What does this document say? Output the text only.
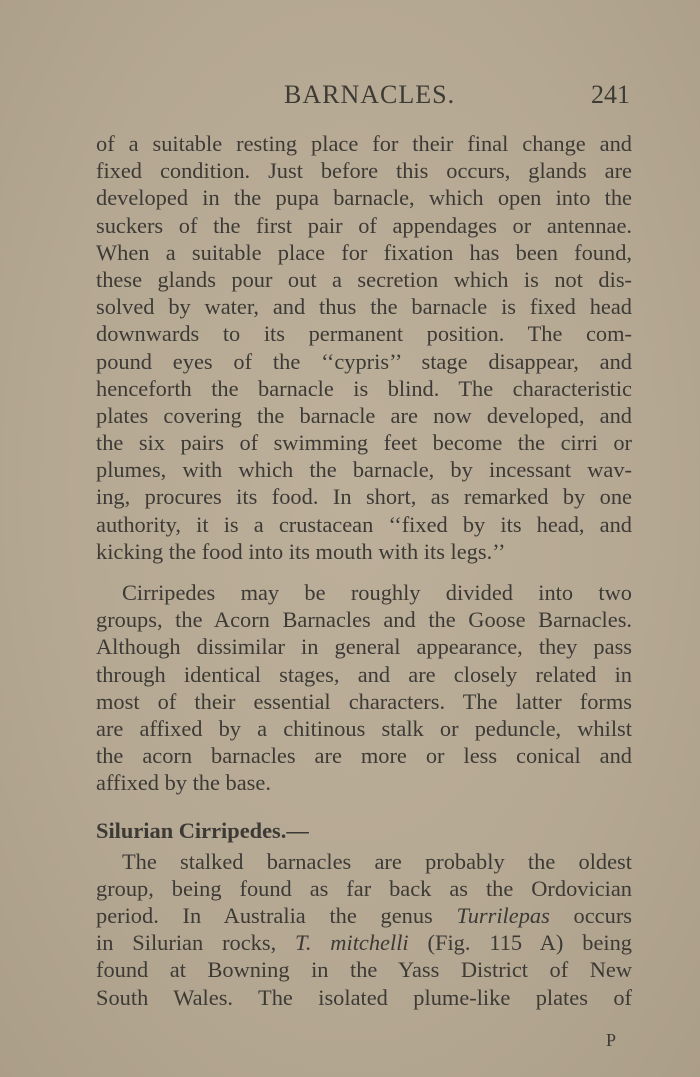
BARNACLES.	241
of a suitable resting place for their final change and
fixed condition. Just before this occurs, glands are
developed in the pupa barnacle, which open into the
suckers of the first pair of appendages or antennae.
When a suitable place for fixation has been found,
these glands pour out a secretion which is not dis-
solved by water, and thus the barnacle is fixed head
downwards to its permanent position. The com-
pound eyes of the ‘‘cypris’’ stage disappear, and
henceforth the barnacle is blind. The characteristic
plates covering the barnacle are now developed, and
the six pairs of swimming feet become the cirri or
plumes, with which the barnacle, by incessant wav-
ing, procures its food. In short, as remarked by one
authority, it is a crustacean ‘‘fixed by its head, and
kicking the food into its mouth with its legs.’’
Cirripedes may be roughly divided into two
groups, the Acorn Barnacles and the Goose Barnacles.
Although dissimilar in general appearance, they pass
through identical stages, and are closely related in
most of their essential characters. The latter forms
are affixed by a chitinous stalk or peduncle, whilst
the acorn barnacles are more or less conical and
affixed by the base.

Silurian Cirripedes.—

The stalked barnacles are probably the oldest
group, being found as far back as the Ordovician
period. In Australia the genus Turrilepas occurs
in Silurian rocks, T. mitchelli (Fig. 115 A) being
found at Bowning in the Yass District of New
South Wales. The isolated plume-like plates of
P
